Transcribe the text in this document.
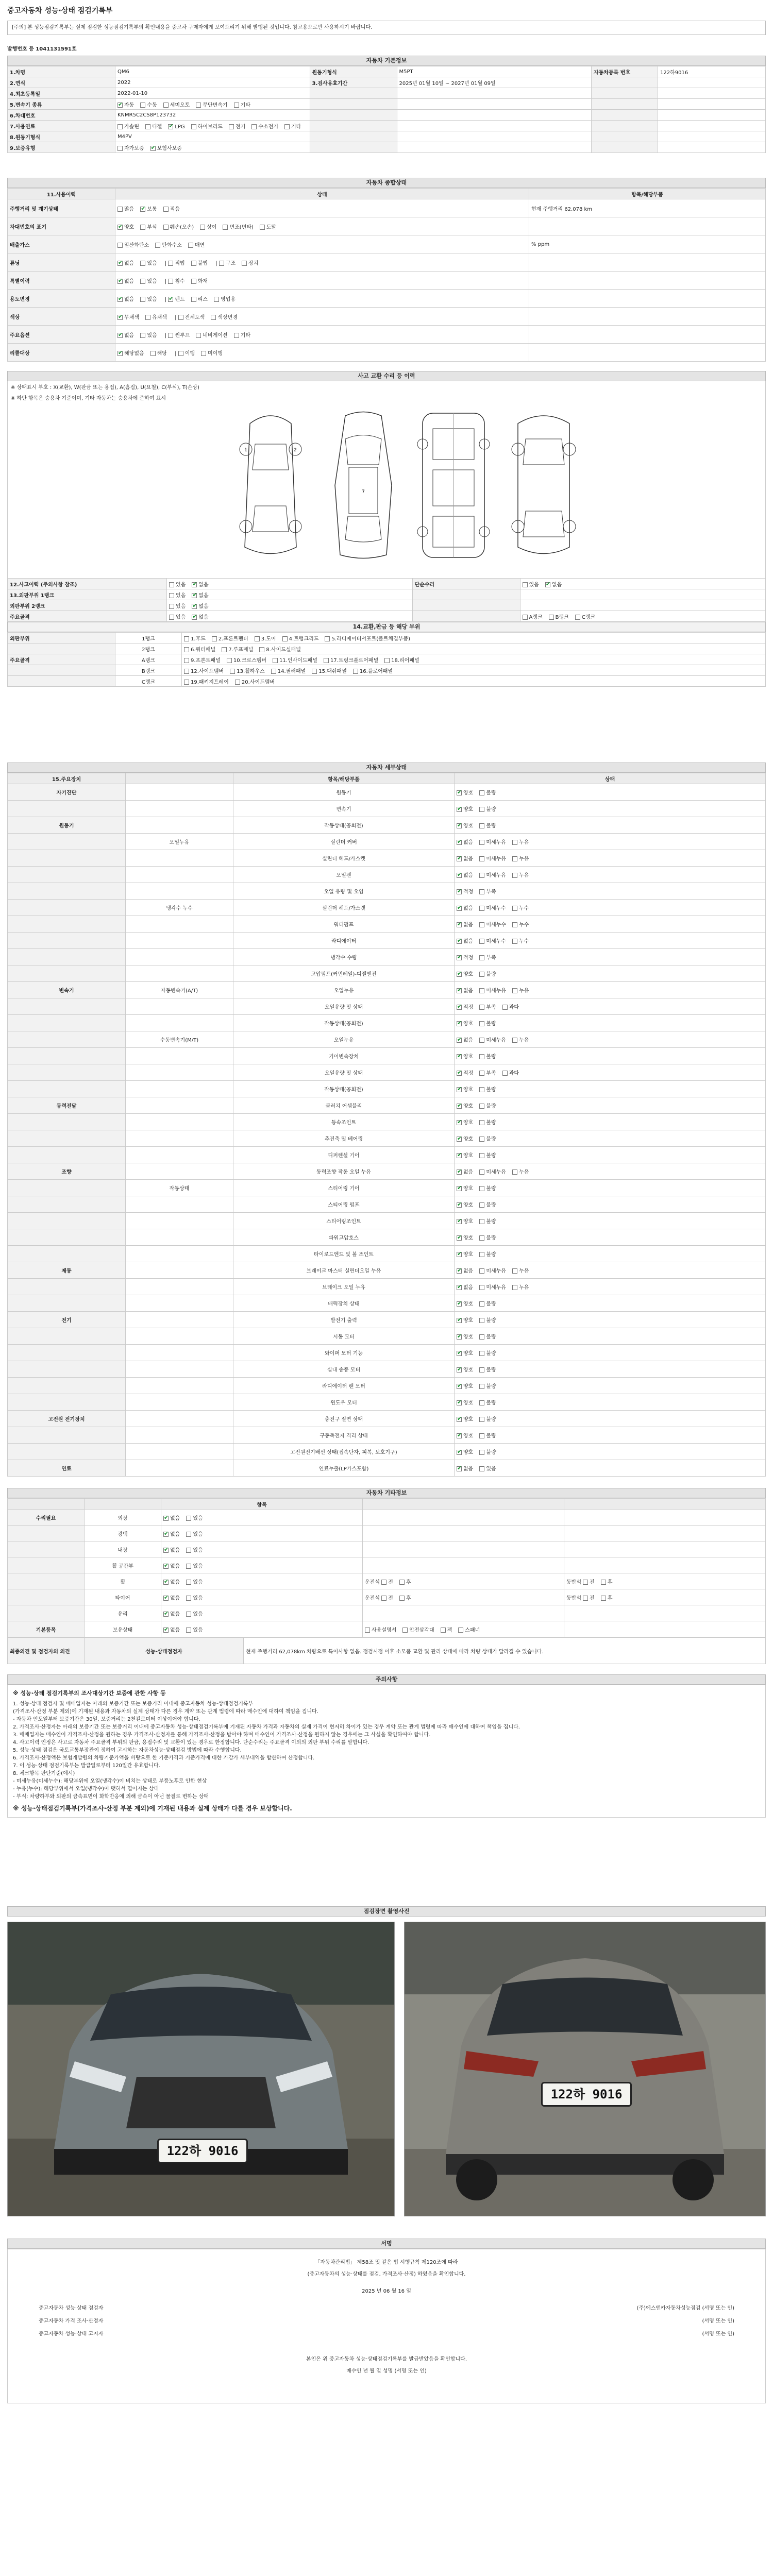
중고자동차 성능·상태 점검기록부
[주의] 본 성능점검기록부는 실제 점검한 성능점검기록부의 확인내용을 중고차 구매자에게 보여드리기 위해 발행된 것입니다. 참고용으로만 사용하시기 바랍니다.
발행번호 등 1041131591호
자동차 기본정보
1.차명	QM6	원동기형식	M5PT	자동차등록 번호	122하9016
2.연식	2022	3.검사유효기간	2025년 01월 10일 ~ 2027년 01월 09일		
4.최초등록일	2022-01-10				
5.변속기 종류	✔자동 수동 세미오토 무단변속기 기타				
6.차대번호	KNMR5C2CS8P123732				
7.사용연료	가솔린 디젤 ✔ LPG 하이브리드 전기 수소전기 기타				
8.원동기형식	M4PV				
9.보증유형	자가보증 ✔ 보험사보증				
자동차 종합상태
11.사용이력	상태	항목/해당부품
주행거리 및 계기상태	많음 ✔ 보통 적음	현재 주행거리 62,078 km
차대번호의 표기	✔양호 부식 훼손(오손) 상이 변조(변타) 도말	
배출가스	일산화탄소 탄화수소 매연	% ppm
튜닝	✔없음 있음 | 적법 불법 | 구조 장치	
특별이력	✔없음 있음 | 침수 화재	
용도변경	✔없음 있음 | ✔렌트 리스 영업용	
색상	✔무채색 유채색 | 전체도색 색상변경	
주요옵션	✔없음 있음 | 썬루프 네비게이션 기타	
리콜대상	✔해당없음 해당 | 이행 미이행	
사고 교환 수리 등 이력
※ 상태표시 부호 : X(교환), W(판금 또는 용접), A(흠집), U(요철), C(부식), T(손상)
※ 하단 항목은 승용차 기준이며, 기타 자동차는 승용차에 준하여 표시
1	2
7
12.사고이력 (주의사항 참조)	있음 ✔ 없음	단순수리	있음 ✔ 없음
13.외판부위 1랭크	있음 ✔ 없음		
외판부위 2랭크	있음 ✔ 없음		
주요골격	있음 ✔ 없음		A랭크 B랭크 C랭크
14.교환,판금 등 해당 부위
외판부위	1랭크	1.후드 2.프론트펜더 3.도어 4.트렁크리드 5.라디에이터서포트(볼트체결부품)
	2랭크	6.쿼터패널 7.루프패널 8.사이드실패널
주요골격	A랭크	9.프론트패널 10.크로스멤버 11.인사이드패널 17.트렁크플로어패널 18.리어패널
	B랭크	12.사이드멤버 13.휠하우스 14.필러패널 15.대쉬패널 16.플로어패널
	C랭크	19.패키지트레이 20.사이드멤버
자동차 세부상태
15.주요장치		항목/해당부품	상태
자기진단		원동기	✔양호 불량
		변속기	✔양호 불량
원동기		작동상태(공회전)	✔양호 불량
	오일누유	실린더 커버	✔없음 미세누유 누유
		실린더 헤드/가스켓	✔없음 미세누유 누유
		오일팬	✔없음 미세누유 누유
		오일 유량 및 오염	✔적정 부족
	냉각수 누수	실린더 헤드/가스켓	✔없음 미세누수 누수
		워터펌프	✔없음 미세누수 누수
		라디에이터	✔없음 미세누수 누수
		냉각수 수량	✔적정 부족
		고압펌프(커먼레일)-디젤엔진	✔양호 불량
변속기	자동변속기(A/T)	오일누유	✔없음 미세누유 누유
		오일유량 및 상태	✔적정 부족 과다
		작동상태(공회전)	✔양호 불량
	수동변속기(M/T)	오일누유	✔없음 미세누유 누유
		기어변속장치	✔양호 불량
		오일유량 및 상태	✔적정 부족 과다
		작동상태(공회전)	✔양호 불량
동력전달		클러치 어셈블리	✔양호 불량
		등속조인트	✔양호 불량
		추진축 및 베어링	✔양호 불량
		디퍼렌셜 기어	✔양호 불량
조향		동력조향 작동 오일 누유	✔없음 미세누유 누유
	작동상태	스티어링 기어	✔양호 불량
		스티어링 펌프	✔양호 불량
		스티어링조인트	✔양호 불량
		파워고압호스	✔양호 불량
		타이로드엔드 및 볼 조인트	✔양호 불량
제동		브레이크 마스터 실린더오일 누유	✔없음 미세누유 누유
		브레이크 오일 누유	✔없음 미세누유 누유
		배력장치 상태	✔양호 불량
전기		발전기 출력	✔양호 불량
		시동 모터	✔양호 불량
		와이퍼 모터 기능	✔양호 불량
		실내 송풍 모터	✔양호 불량
		라디에이터 팬 모터	✔양호 불량
		윈도우 모터	✔양호 불량
고전원 전기장치		충전구 절연 상태	✔양호 불량
		구동축전지 격리 상태	✔양호 불량
		고전원전기배선 상태(접속단자, 피복, 보호기구)	✔양호 불량
연료		연료누출(LP가스포함)	✔없음 있음
자동차 기타정보
		항목		
수리필요	외장	✔없음 있음		
	광택	✔없음 있음		
	내장	✔없음 있음		
	휠 공간부	✔없음 있음		
	휠	✔없음 있음	운전석 전 후	동반석 전 후
	타이어	✔없음 있음	운전석 전 후	동반석 전 후
	유리	✔없음 있음		
기본품목	보유상태	✔없음 있음	사용설명서 안전삼각대 잭 스패너	
최종의견 및 점검자의 의견	성능·상태점검자	현재 주행거리 62,078km 차량으로 특이사항 없음. 점검시점 이후 소모품 교환 및 관리 상태에 따라 차량 상태가 달라질 수 있습니다.
주의사항
※ 성능·상태 점검기록부의 조사대상기간 보증에 관한 사항 등

1. 성능·상태 점검자 및 매매업자는 아래의 보증기간 또는 보증거리 이내에 중고자동차 성능·상태점검기록부

(가격조사·산정 부분 제외)에 기재된 내용과 자동차의 실제 상태가 다른 경우 계약 또는 관계 법령에 따라 매수인에 대하여 책임을 집니다.

- 자동차 인도일부터 보증기간은 30일, 보증거리는 2천킬로미터 이상이어야 합니다.

2. 가격조사·산정자는 아래의 보증기간 또는 보증거리 이내에 중고자동차 성능·상태점검기록부에 기재된 자동차 가격과 자동차의 실제 가격이 현저히 차이가 있는 경우 계약 또는 관계 법령에 따라 매수인에 대하여 책임을 집니다.

3. 매매업자는 매수인이 가격조사·산정을 원하는 경우 가격조사·산정자를 통해 가격조사·산정을 받아야 하며 매수인이 가격조사·산정을 원하지 않는 경우에는 그 사실을 확인하여야 합니다.

4. 사고이력 인정은 사고로 자동차 주요골격 부위의 판금, 용접수리 및 교환이 있는 경우로 한정합니다. 단순수리는 주요골격 이외의 외판 부위 수리를 말합니다.

5. 성능·상태 점검은 국토교통부장관이 정하여 고시하는 자동차성능·상태점검 방법에 따라 수행합니다.

6. 가격조사·산정액은 보험개발원의 차량기준가액을 바탕으로 한 기준가격과 기준가격에 대한 가감가 세부내역을 합산하여 산정합니다.

7. 이 성능·상태 점검기록부는 발급일로부터 120일간 유효합니다.

8. 체크항목 판단기준(예시)

- 미세누유(미세누수): 해당부위에 오일(냉각수)이 비치는 상태로 부품노후로 인한 현상

- 누유(누수): 해당부위에서 오일(냉각수)이 맺혀서 떨어지는 상태

- 부식: 차량하부와 외판의 금속표면이 화학반응에 의해 금속이 아닌 물질로 변하는 상태

※ 성능·상태점검기록부(가격조사·산정 부분 제외)에 기재된 내용과 실제 상태가 다를 경우 보상합니다.

점검장면 촬영사진
122하 9016
122하 9016
서명
「자동차관리법」 제58조 및 같은 법 시행규칙 제120조에 따라
(중고자동차의 성능·상태를 점검, 가격조사·산정) 하였음을 확인합니다.
2025 년 06 월 16 일
중고자동차 성능·상태 점검자	(주)에스앤카자동차성능점검 (서명 또는 인)
중고자동차 가격 조사·산정자	(서명 또는 인)
중고자동차 성능·상태 고지자	(서명 또는 인)
본인은 위 중고자동차 성능·상태점검기록부를 발급받았음을 확인합니다.
매수인 년 월 일 성명 (서명 또는 인)
